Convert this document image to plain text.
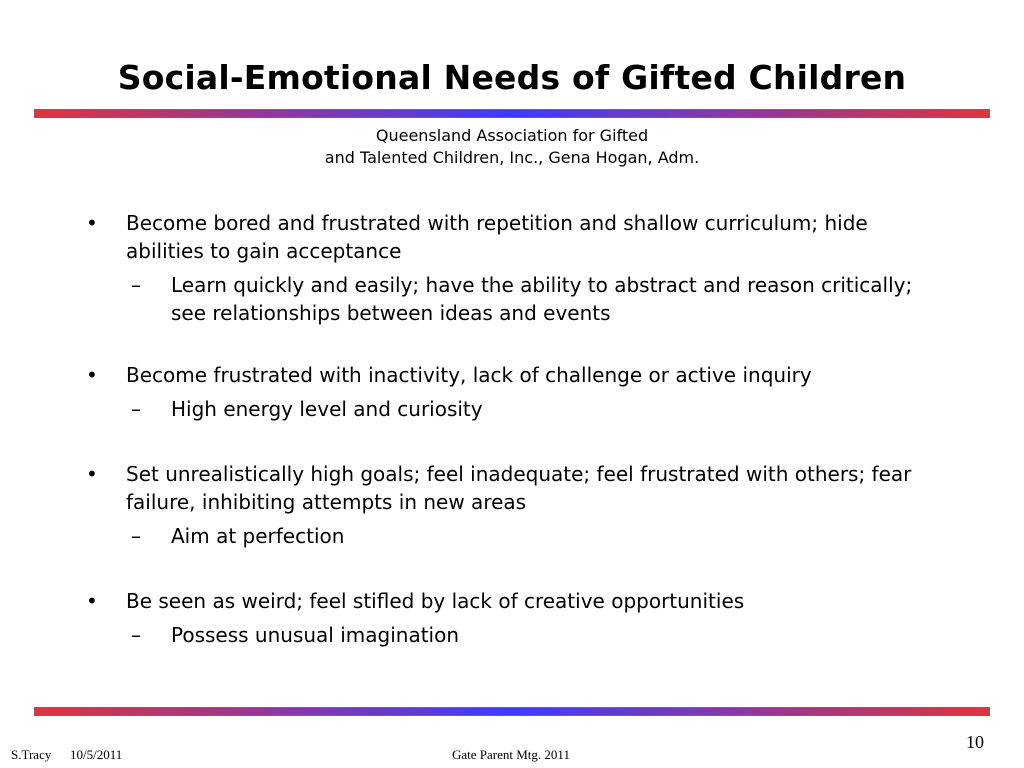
Social-Emotional Needs of Gifted Children
Queensland Association for Gifted
and Talented Children, Inc., Gena Hogan, Adm.

•	Become bored and frustrated with repetition and shallow curriculum; hide abilities to gain acceptance

– Learn quickly and easily; have the ability to abstract and reason critically; see relationships between ideas and events

•	Become frustrated with inactivity, lack of challenge or active inquiry

– High energy level and curiosity

•	Set unrealistically high goals; feel inadequate; feel frustrated with others; fear failure, inhibiting attempts in new areas

– Aim at perfection

•	Be seen as weird; feel stifled by lack of creative opportunities

– Possess unusual imagination
S.Tracy 10/5/2011	Gate Parent Mtg. 2011
10
